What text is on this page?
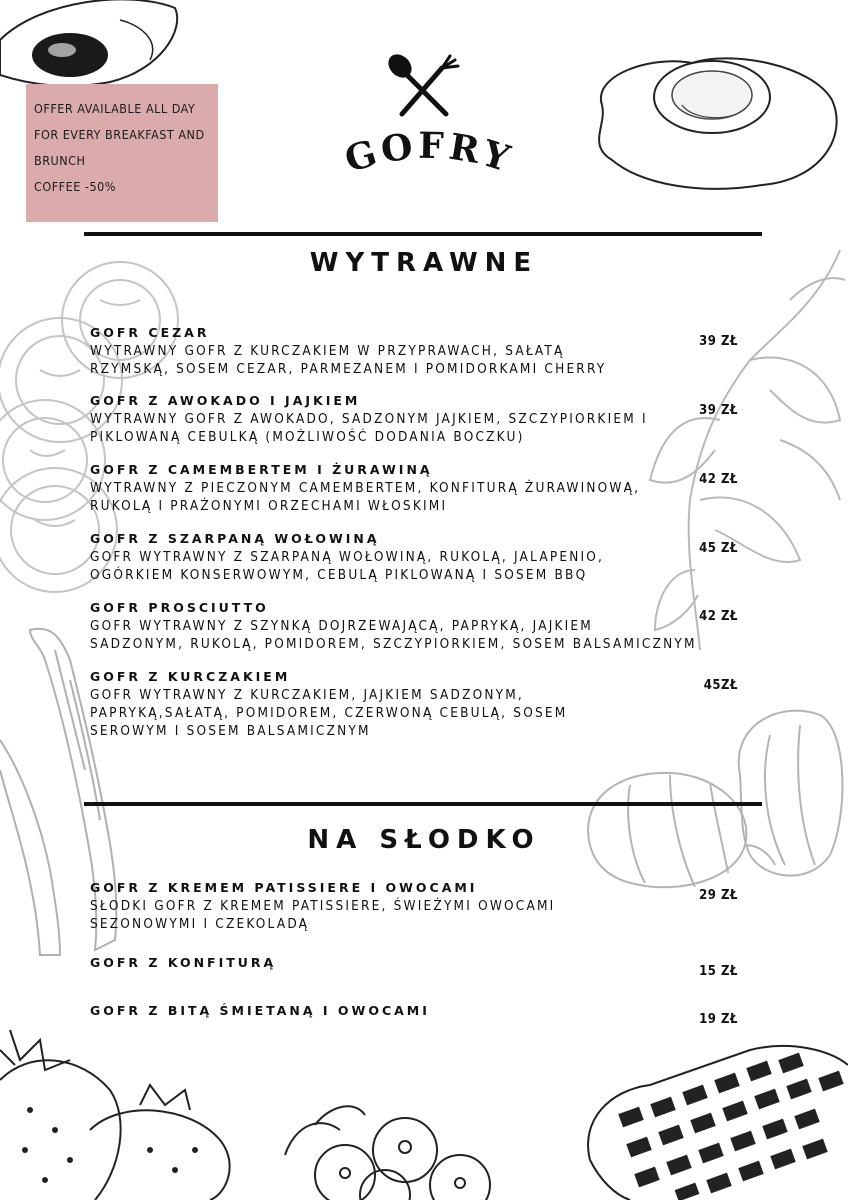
OFFER AVAILABLE ALL DAY
FOR EVERY BREAKFAST AND
BRUNCH
COFFEE -50%
GOFRY
WYTRAWNE
GOFR CEZAR
WYTRAWNY GOFR Z KURCZAKIEM W PRZYPRAWACH, SAŁATĄ
RZYMSKĄ, SOSEM CEZAR, PARMEZANEM I POMIDORKAMI CHERRY
39 ZŁ
GOFR Z AWOKADO I JAJKIEM
WYTRAWNY GOFR Z AWOKADO, SADZONYM JAJKIEM, SZCZYPIORKIEM I
PIKLOWANĄ CEBULKĄ (MOŻLIWOŚĆ DODANIA BOCZKU)
39 ZŁ
GOFR Z CAMEMBERTEM I ŻURAWINĄ
WYTRAWNY Z PIECZONYM CAMEMBERTEM, KONFITURĄ ŻURAWINOWĄ,
RUKOLĄ I PRAŻONYMI ORZECHAMI WŁOSKIMI
42 ZŁ
GOFR Z SZARPANĄ WOŁOWINĄ
GOFR WYTRAWNY Z SZARPANĄ WOŁOWINĄ, RUKOLĄ, JALAPENIO,
OGÓRKIEM KONSERWOWYM, CEBULĄ PIKLOWANĄ I SOSEM BBQ
45 ZŁ
GOFR PROSCIUTTO
GOFR WYTRAWNY Z SZYNKĄ DOJRZEWAJĄCĄ, PAPRYKĄ, JAJKIEM
SADZONYM, RUKOLĄ, POMIDOREM, SZCZYPIORKIEM, SOSEM BALSAMICZNYM
42 ZŁ
GOFR Z KURCZAKIEM
GOFR WYTRAWNY Z KURCZAKIEM, JAJKIEM SADZONYM,
PAPRYKĄ,SAŁATĄ, POMIDOREM, CZERWONĄ CEBULĄ, SOSEM
SEROWYM I SOSEM BALSAMICZNYM
45ZŁ
NA SŁODKO
GOFR Z KREMEM PATISSIERE I OWOCAMI
SŁODKI GOFR Z KREMEM PATISSIERE, ŚWIEŻYMI OWOCAMI
SEZONOWYMI I CZEKOLADĄ
29 ZŁ
GOFR Z KONFITURĄ
15 ZŁ
GOFR Z BITĄ ŚMIETANĄ I OWOCAMI
19 ZŁ
